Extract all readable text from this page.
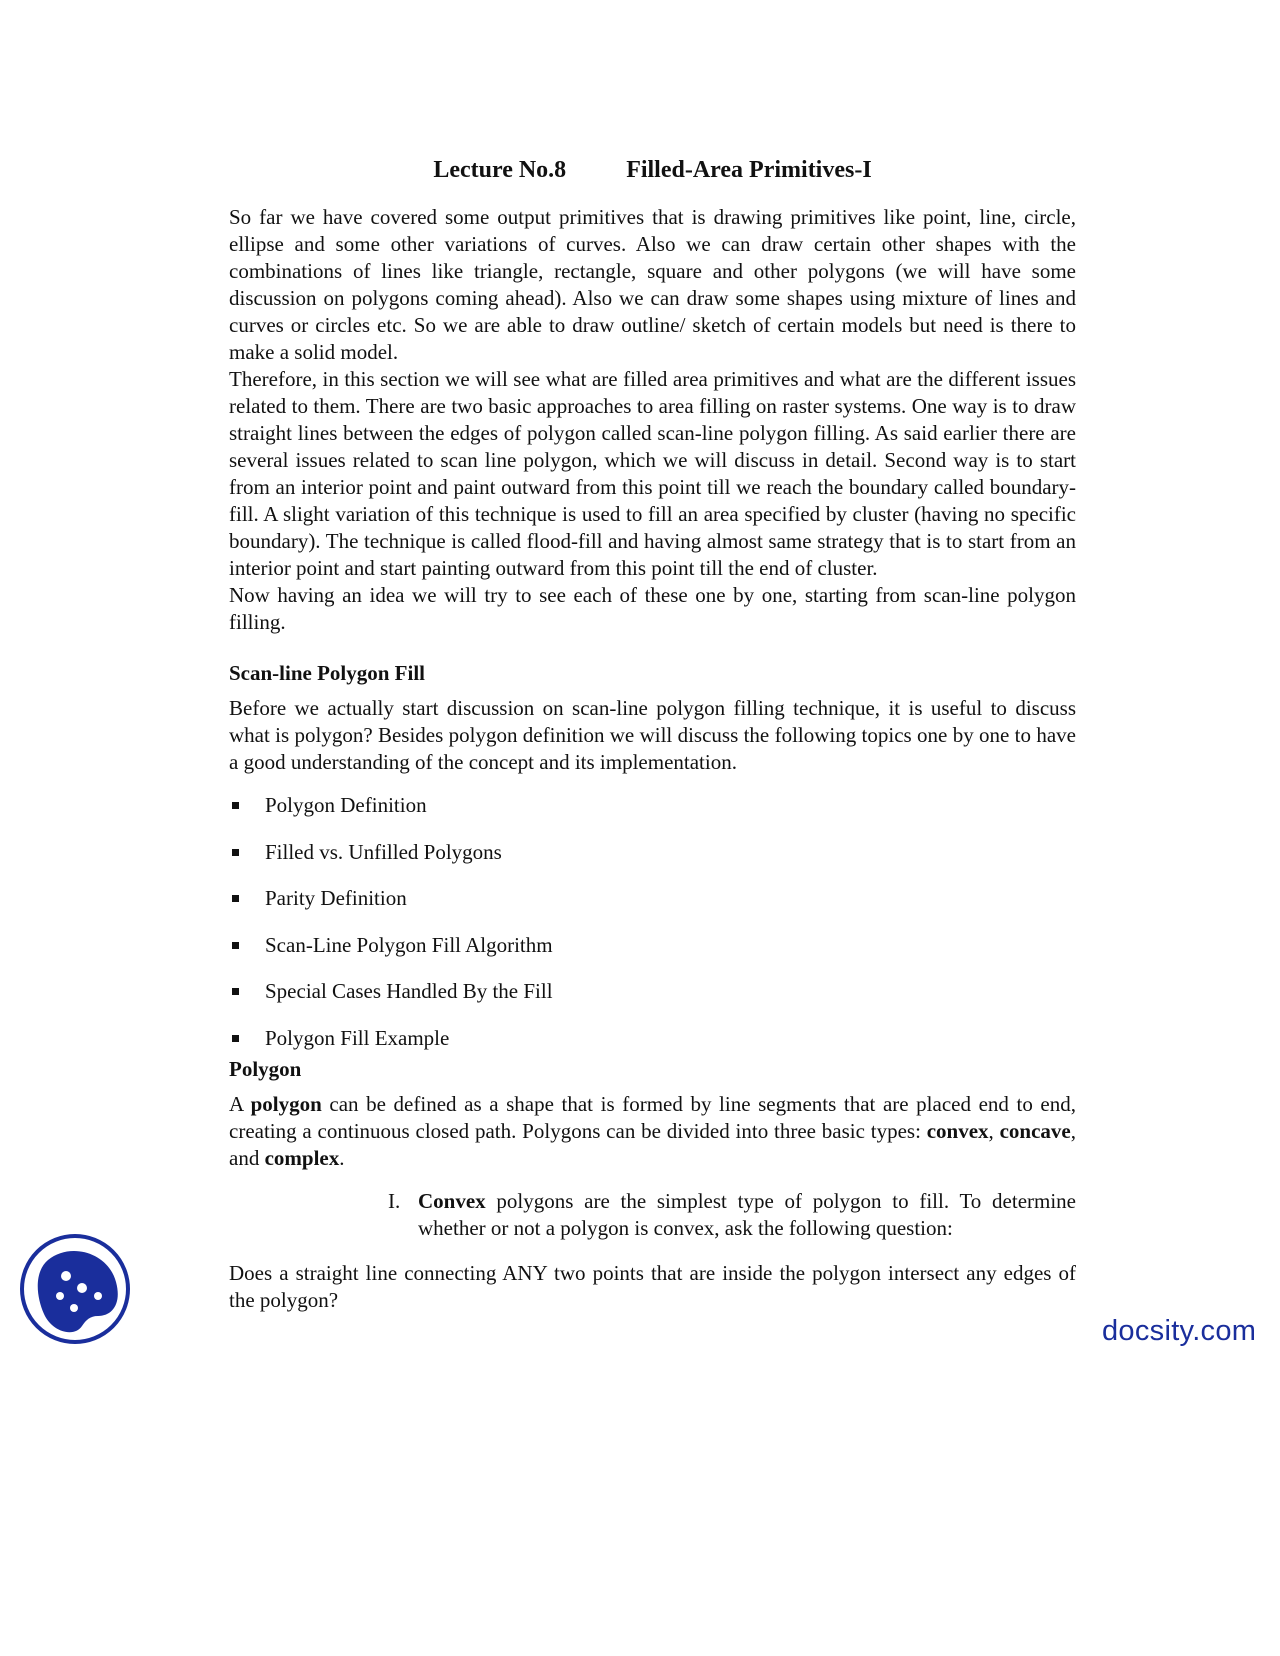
Lecture No.8	Filled-Area Primitives-I

So far we have covered some output primitives that is drawing primitives like point, line, circle, ellipse and some other variations of curves. Also we can draw certain other shapes with the combinations of lines like triangle, rectangle, square and other polygons (we will have some discussion on polygons coming ahead). Also we can draw some shapes using mixture of lines and curves or circles etc. So we are able to draw outline/ sketch of certain models but need is there to make a solid model.

Therefore, in this section we will see what are filled area primitives and what are the different issues related to them. There are two basic approaches to area filling on raster systems. One way is to draw straight lines between the edges of polygon called scan-line polygon filling. As said earlier there are several issues related to scan line polygon, which we will discuss in detail. Second way is to start from an interior point and paint outward from this point till we reach the boundary called boundary-fill. A slight variation of this technique is used to fill an area specified by cluster (having no specific boundary). The technique is called flood-fill and having almost same strategy that is to start from an interior point and start painting outward from this point till the end of cluster.

Now having an idea we will try to see each of these one by one, starting from scan-line polygon filling.

Scan-line Polygon Fill

Before we actually start discussion on scan-line polygon filling technique, it is useful to discuss what is polygon? Besides polygon definition we will discuss the following topics one by one to have a good understanding of the concept and its implementation.

Polygon Definition
Filled vs. Unfilled Polygons
Parity Definition
Scan-Line Polygon Fill Algorithm
Special Cases Handled By the Fill
Polygon Fill Example
Polygon

A polygon can be defined as a shape that is formed by line segments that are placed end to end, creating a continuous closed path. Polygons can be divided into three basic types: convex, concave, and complex.

I. Convex polygons are the simplest type of polygon to fill. To determine whether or not a polygon is convex, ask the following question:

Does a straight line connecting ANY two points that are inside the polygon intersect any edges of the polygon?

docsity.com
